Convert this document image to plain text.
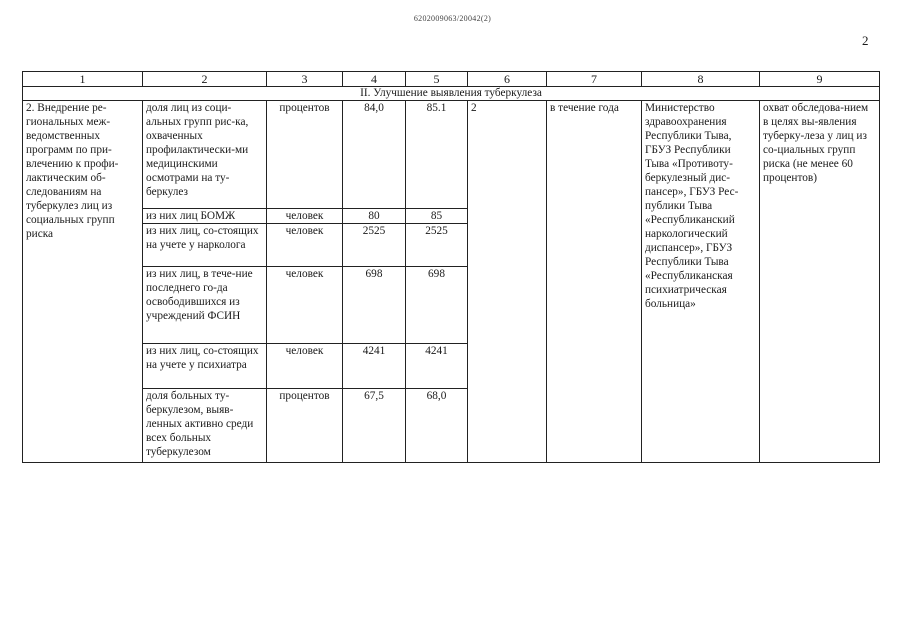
6202009063/20042(2)
2
1	2	3	4	5	6	7	8	9
II. Улучшение выявления туберкулеза								
2. Внедрение ре-гиональных меж-ведомственных программ по при-влечению к профи-лактическим об-следованиям на туберкулез лиц из социальных групп риска	доля лиц из соци-альных групп рис-ка, охваченных профилактически-ми медицинскими осмотрами на ту-беркулез	процентов	84,0	85.1	2	в течение года	Министерство здравоохранения Республики Тыва, ГБУЗ Республики Тыва «Противоту-беркулезный дис-пансер», ГБУЗ Рес-публики Тыва «Республиканский наркологический диспансер», ГБУЗ Республики Тыва «Республиканская психиатрическая больница»	охват обследова-нием в целях вы-явления туберку-леза у лиц из со-циальных групп риска (не менее 60 процентов)
	из них лиц БОМЖ	человек	80	85				
	из них лиц, со-стоящих на учете у нарколога	человек	2525	2525				
	из них лиц, в тече-ние последнего го-да освободившихся из учреждений ФСИН	человек	698	698				
	из них лиц, со-стоящих на учете у психиатра	человек	4241	4241				
	доля больных ту-беркулезом, выяв-ленных активно среди всех больных туберкулезом	процентов	67,5	68,0				
